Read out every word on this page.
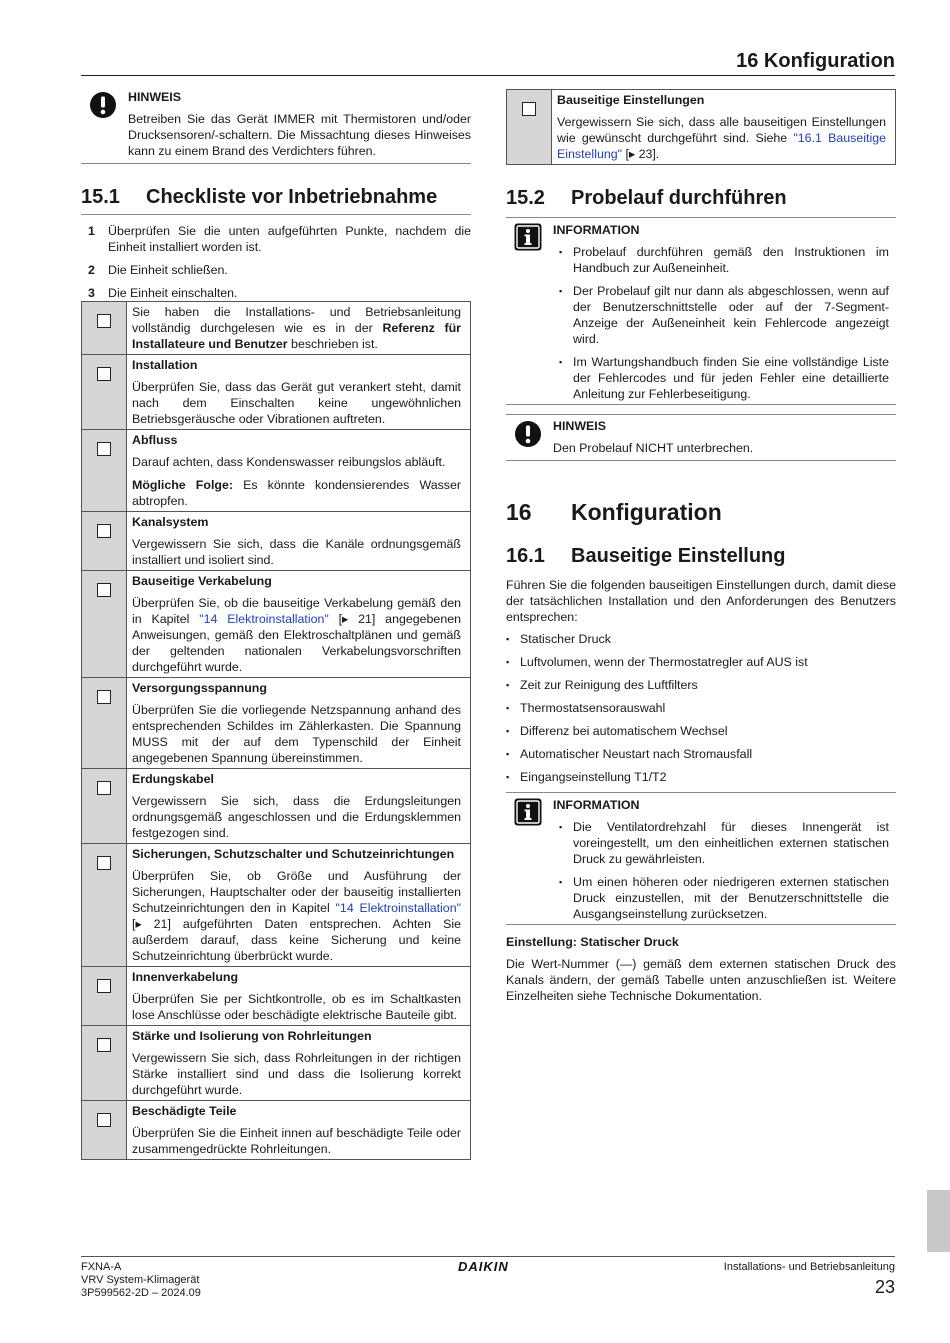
16 Konfiguration
HINWEIS
Betreiben Sie das Gerät IMMER mit Thermistoren und/oder Drucksensoren/-schaltern. Die Missachtung dieses Hinweises kann zu einem Brand des Verdichters führen.
15.1	Checkliste vor Inbetriebnahme
1	Überprüfen Sie die unten aufgeführten Punkte, nachdem die Einheit installiert worden ist.
2	Die Einheit schließen.
3	Die Einheit einschalten.
	Sie haben die Installations- und Betriebsanleitung vollständig durchgelesen wie es in der Referenz für Installateure und Benutzer beschrieben ist.

	Installation
Überprüfen Sie, dass das Gerät gut verankert steht, damit nach dem Einschalten keine ungewöhnlichen Betriebsgeräusche oder Vibrationen auftreten.

	Abfluss
Darauf achten, dass Kondenswasser reibungslos abläuft.
Mögliche Folge: Es könnte kondensierendes Wasser abtropfen.

	Kanalsystem
Vergewissern Sie sich, dass die Kanäle ordnungsgemäß installiert und isoliert sind.

	Bauseitige Verkabelung
Überprüfen Sie, ob die bauseitige Verkabelung gemäß den in Kapitel "14 Elektroinstallation" [▸ 21] angegebenen Anweisungen, gemäß den Elektroschaltplänen und gemäß der geltenden nationalen Verkabelungsvorschriften durchgeführt wurde.

	Versorgungsspannung
Überprüfen Sie die vorliegende Netzspannung anhand des entsprechenden Schildes im Zählerkasten. Die Spannung MUSS mit der auf dem Typenschild der Einheit angegebenen Spannung übereinstimmen.

	Erdungskabel
Vergewissern Sie sich, dass die Erdungsleitungen ordnungsgemäß angeschlossen und die Erdungsklemmen festgezogen sind.

	Sicherungen, Schutzschalter und Schutzeinrichtungen
Überprüfen Sie, ob Größe und Ausführung der Sicherungen, Hauptschalter oder der bauseitig installierten Schutzeinrichtungen den in Kapitel "14 Elektroinstallation" [▸ 21] aufgeführten Daten entsprechen. Achten Sie außerdem darauf, dass keine Sicherung und keine Schutzeinrichtung überbrückt wurde.

	Innenverkabelung
Überprüfen Sie per Sichtkontrolle, ob es im Schaltkasten lose Anschlüsse oder beschädigte elektrische Bauteile gibt.

	Stärke und Isolierung von Rohrleitungen
Vergewissern Sie sich, dass Rohrleitungen in der richtigen Stärke installiert sind und dass die Isolierung korrekt durchgeführt wurde.

	Beschädigte Teile
Überprüfen Sie die Einheit innen auf beschädigte Teile oder zusammengedrückte Rohrleitungen.

Bauseitige Einstellungen
Vergewissern Sie sich, dass alle bauseitigen Einstellungen wie gewünscht durchgeführt sind. Siehe "16.1 Bauseitige Einstellung" [▸ 23].
15.2	Probelauf durchführen
INFORMATION
▪ Probelauf durchführen gemäß den Instruktionen im Handbuch zur Außeneinheit.
▪ Der Probelauf gilt nur dann als abgeschlossen, wenn auf der Benutzerschnittstelle oder auf der 7-Segment-Anzeige der Außeneinheit kein Fehlercode angezeigt wird.
▪ Im Wartungshandbuch finden Sie eine vollständige Liste der Fehlercodes und für jeden Fehler eine detaillierte Anleitung zur Fehlerbeseitigung.
HINWEIS
Den Probelauf NICHT unterbrechen.
16	Konfiguration
16.1	Bauseitige Einstellung
Führen Sie die folgenden bauseitigen Einstellungen durch, damit diese der tatsächlichen Installation und den Anforderungen des Benutzers entsprechen:
▪ Statischer Druck
▪ Luftvolumen, wenn der Thermostatregler auf AUS ist
▪ Zeit zur Reinigung des Luftfilters
▪ Thermostatsensorauswahl
▪ Differenz bei automatischem Wechsel
▪ Automatischer Neustart nach Stromausfall
▪ Eingangseinstellung T1/T2
INFORMATION
▪ Die Ventilatordrehzahl für dieses Innengerät ist voreingestellt, um den einheitlichen externen statischen Druck zu gewährleisten.
▪ Um einen höheren oder niedrigeren externen statischen Druck einzustellen, mit der Benutzerschnittstelle die Ausgangseinstellung zurücksetzen.
Einstellung: Statischer Druck
Die Wert-Nummer (—) gemäß dem externen statischen Druck des Kanals ändern, der gemäß Tabelle unten anzuschließen ist. Weitere Einzelheiten siehe Technische Dokumentation.
FXNA-A
VRV System-Klimagerät
3P599562-2D – 2024.09
DAIKIN	Installations- und Betriebsanleitung
23
